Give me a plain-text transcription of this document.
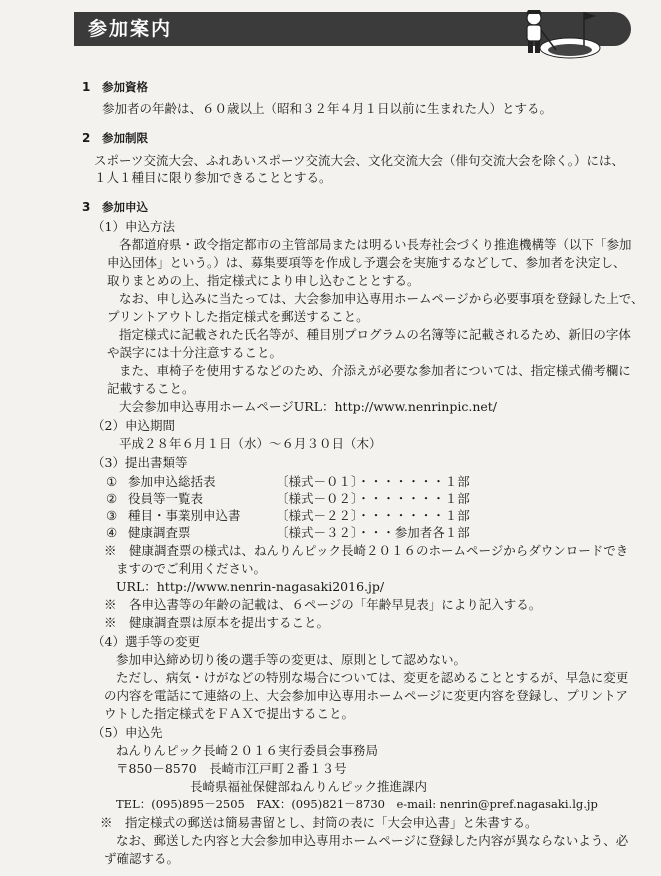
参加案内
1 参加資格
参加者の年齢は、６０歳以上（昭和３２年４月１日以前に生まれた人）とする。
2 参加制限
スポーツ交流大会、ふれあいスポーツ交流大会、文化交流大会（俳句交流大会を除く。）には、
１人１種目に限り参加できることとする。
3 参加申込
（1）申込方法
各都道府県・政令指定都市の主管部局または明るい長寿社会づくり推進機構等（以下「参加
申込団体」という。）は、募集要項等を作成し予選会を実施するなどして、参加者を決定し、
取りまとめの上、指定様式により申し込むこととする。
なお、申し込みに当たっては、大会参加申込専用ホームページから必要事項を登録した上で、
プリントアウトした指定様式を郵送すること。
指定様式に記載された氏名等が、種目別プログラムの名簿等に記載されるため、新旧の字体
や誤字には十分注意すること。
また、車椅子を使用するなどのため、介添えが必要な参加者については、指定様式備考欄に
記載すること。
大会参加申込専用ホームページURL：http://www.nenrinpic.net/
（2）申込期間
平成２８年６月１日（水）～６月３０日（木）
（3）提出書類等
① 参加申込総括表	〔様式－０１〕・・・・・・・１部
② 役員等一覧表	〔様式－０２〕・・・・・・・１部
③ 種目・事業別申込書	〔様式－２２〕・・・・・・・１部
④ 健康調査票	〔様式－３２〕・・・参加者各１部
※　健康調査票の様式は、ねんりんピック長崎２０１６のホームページからダウンロードでき
ますのでご利用ください。
URL：http://www.nenrin-nagasaki2016.jp/
※　各申込書等の年齢の記載は、６ページの「年齢早見表」により記入する。
※　健康調査票は原本を提出すること。
（4）選手等の変更
参加申込締め切り後の選手等の変更は、原則として認めない。
ただし、病気・けがなどの特別な場合については、変更を認めることとするが、早急に変更
の内容を電話にて連絡の上、大会参加申込専用ホームページに変更内容を登録し、プリントア
ウトした指定様式をＦＡＸで提出すること。
（5）申込先
ねんりんピック長崎２０１６実行委員会事務局
〒850－8570　長崎市江戸町２番１３号
長崎県福祉保健部ねんりんピック推進課内
TEL：(095)895－2505　FAX：(095)821－8730　e-mail: nenrin@pref.nagasaki.lg.jp
※　指定様式の郵送は簡易書留とし、封筒の表に「大会申込書」と朱書する。
なお、郵送した内容と大会参加申込専用ホームページに登録した内容が異ならないよう、必
ず確認する。
